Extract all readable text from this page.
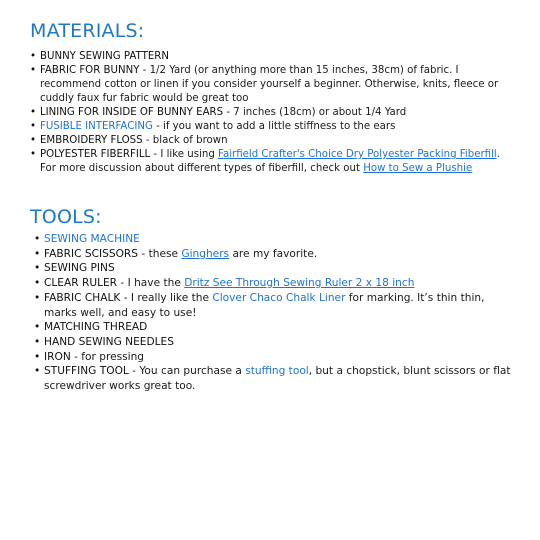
MATERIALS:
• BUNNY SEWING PATTERN
• FABRIC FOR BUNNY - 1/2 Yard (or anything more than 15 inches, 38cm) of fabric. I recommend cotton or linen if you consider yourself a beginner. Otherwise, knits, fleece or cuddly faux fur fabric would be great too
• LINING FOR INSIDE OF BUNNY EARS - 7 inches (18cm) or about 1/4 Yard
• FUSIBLE INTERFACING - if you want to add a little stiffness to the ears
• EMBROIDERY FLOSS - black of brown
• POLYESTER FIBERFILL - I like using Fairfield Crafter's Choice Dry Polyester Packing Fiberfill. For more discussion about different types of fiberfill, check out How to Sew a Plushie
TOOLS:
• SEWING MACHINE
• FABRIC SCISSORS - these Ginghers are my favorite.
• SEWING PINS
• CLEAR RULER - I have the Dritz See Through Sewing Ruler 2 x 18 inch
• FABRIC CHALK - I really like the Clover Chaco Chalk Liner for marking. It’s thin thin, marks well, and easy to use!
• MATCHING THREAD
• HAND SEWING NEEDLES
• IRON - for pressing
• STUFFING TOOL - You can purchase a stuffing tool, but a chopstick, blunt scissors or flat screwdriver works great too.
